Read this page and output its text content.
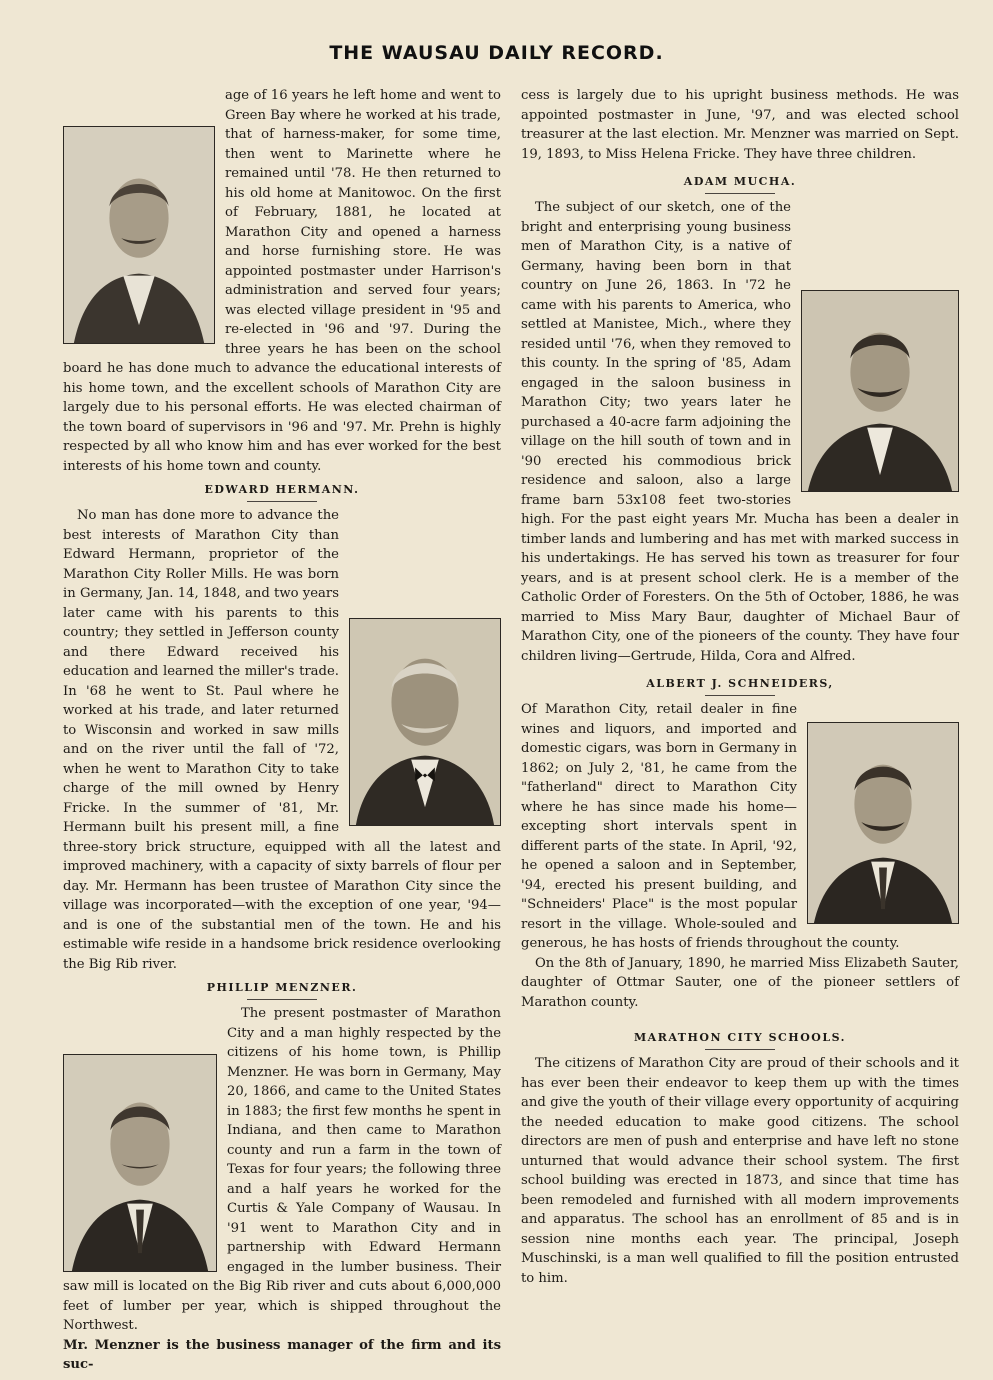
THE WAUSAU DAILY RECORD.

age of 16 years he left home and went to Green Bay where he worked at his trade, that of harness-maker, for some time, then went to Marinette where he remained until '78. He then returned to his old home at Manitowoc. On the first of February, 1881, he located at Marathon City and opened a harness and horse furnishing store. He was appointed postmaster under Harrison's administration and served four years; was elected village president in '95 and re-elected in '96 and '97. During the three years he has been on the school board he has done much to advance the educational interests of his home town, and the excellent schools of Marathon City are largely due to his personal efforts. He was elected chairman of the town board of supervisors in '96 and '97. Mr. Prehn is highly respected by all who know him and has ever worked for the best interests of his home town and county.

EDWARD HERMANN.

No man has done more to advance the best interests of Marathon City than Edward Hermann, proprietor of the Marathon City Roller Mills. He was born in Germany, Jan. 14, 1848, and two years later came with his parents to this country; they settled in Jefferson county and there Edward received his education and learned the miller's trade. In '68 he went to St. Paul where he worked at his trade, and later returned to Wisconsin and worked in saw mills and on the river until the fall of '72, when he went to Marathon City to take charge of the mill owned by Henry Fricke. In the summer of '81, Mr. Hermann built his present mill, a fine three-story brick structure, equipped with all the latest and improved machinery, with a capacity of sixty barrels of flour per day. Mr. Hermann has been trustee of Marathon City since the village was incorporated—with the exception of one year, '94—and is one of the substantial men of the town. He and his estimable wife reside in a handsome brick residence overlooking the Big Rib river.

PHILLIP MENZNER.

The present postmaster of Marathon City and a man highly respected by the citizens of his home town, is Phillip Menzner. He was born in Germany, May 20, 1866, and came to the United States in 1883; the first few months he spent in Indiana, and then came to Marathon county and run a farm in the town of Texas for four years; the following three and a half years he worked for the Curtis & Yale Company of Wausau. In '91 went to Marathon City and in partnership with Edward Hermann engaged in the lumber business. Their saw mill is located on the Big Rib river and cuts about 6,000,000 feet of lumber per year, which is shipped throughout the Northwest.

Mr. Menzner is the business manager of the firm and its suc-

cess is largely due to his upright business methods. He was appointed postmaster in June, '97, and was elected school treasurer at the last election. Mr. Menzner was married on Sept. 19, 1893, to Miss Helena Fricke. They have three children.

ADAM MUCHA.

The subject of our sketch, one of the bright and enterprising young business men of Marathon City, is a native of Germany, having been born in that country on June 26, 1863. In '72 he came with his parents to America, who settled at Manistee, Mich., where they resided until '76, when they removed to this county. In the spring of '85, Adam engaged in the saloon business in Marathon City; two years later he purchased a 40-acre farm adjoining the village on the hill south of town and in '90 erected his commodious brick residence and saloon, also a large frame barn 53x108 feet two-stories high. For the past eight years Mr. Mucha has been a dealer in timber lands and lumbering and has met with marked success in his undertakings. He has served his town as treasurer for four years, and is at present school clerk. He is a member of the Catholic Order of Foresters. On the 5th of October, 1886, he was married to Miss Mary Baur, daughter of Michael Baur of Marathon City, one of the pioneers of the county. They have four children living—Gertrude, Hilda, Cora and Alfred.

ALBERT J. SCHNEIDERS,

Of Marathon City, retail dealer in fine wines and liquors, and imported and domestic cigars, was born in Germany in 1862; on July 2, '81, he came from the "fatherland" direct to Marathon City where he has since made his home—excepting short intervals spent in different parts of the state. In April, '92, he opened a saloon and in September, '94, erected his present building, and "Schneiders' Place" is the most popular resort in the village. Whole-souled and generous, he has hosts of friends throughout the county.

On the 8th of January, 1890, he married Miss Elizabeth Sauter, daughter of Ottmar Sauter, one of the pioneer settlers of Marathon county.

MARATHON CITY SCHOOLS.

The citizens of Marathon City are proud of their schools and it has ever been their endeavor to keep them up with the times and give the youth of their village every opportunity of acquiring the needed education to make good citizens. The school directors are men of push and enterprise and have left no stone unturned that would advance their school system. The first school building was erected in 1873, and since that time has been remodeled and furnished with all modern improvements and apparatus. The school has an enrollment of 85 and is in session nine months each year. The principal, Joseph Muschinski, is a man well qualified to fill the position entrusted to him.
